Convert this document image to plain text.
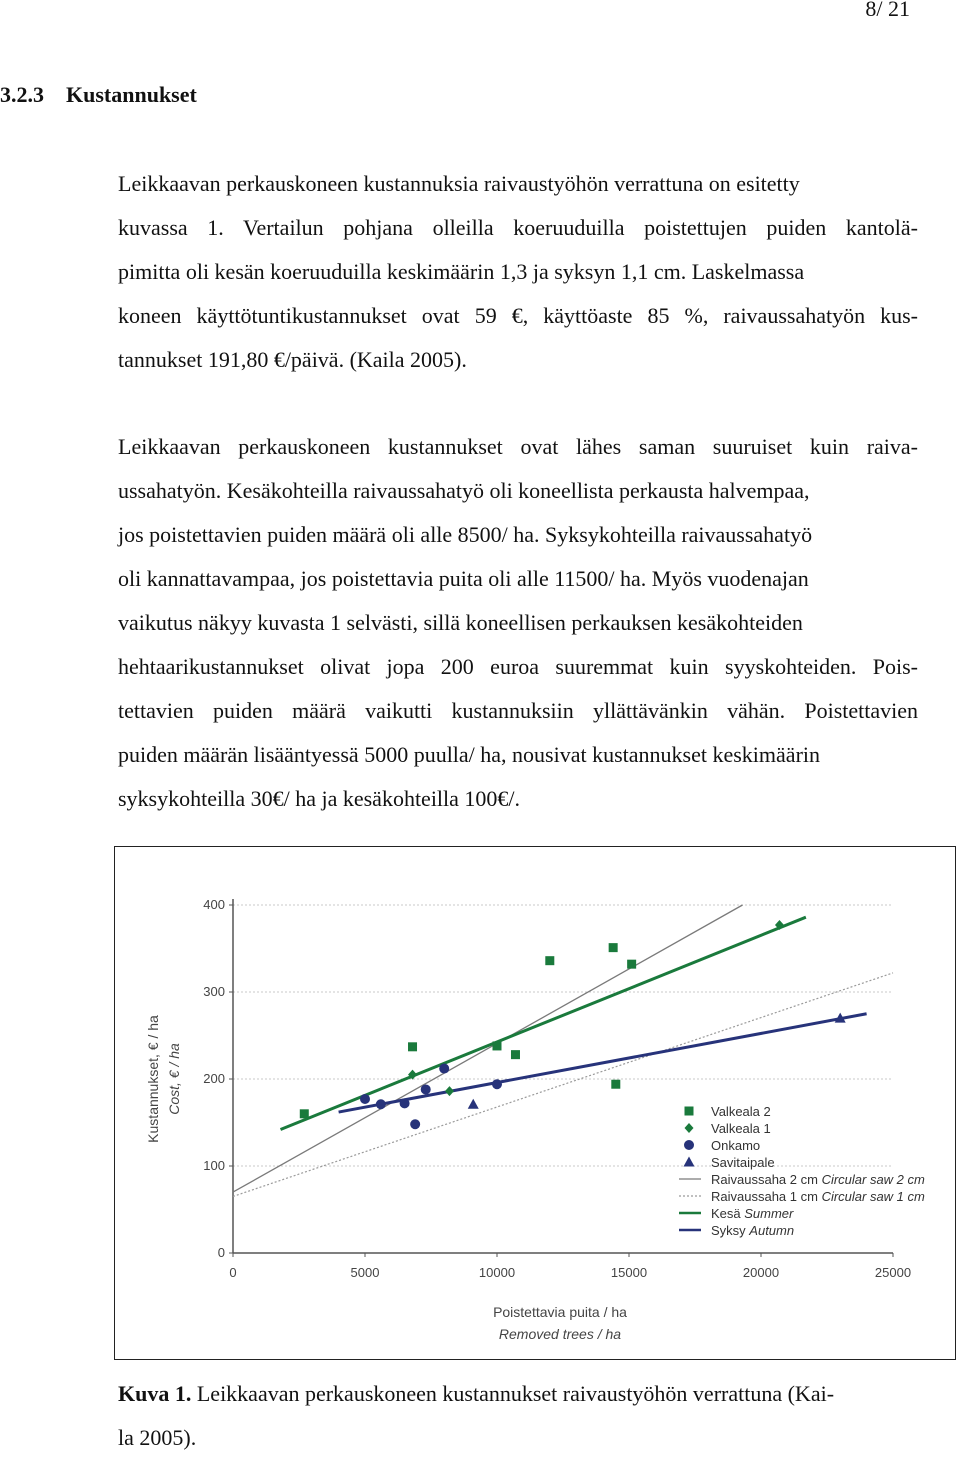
8/ 21
3.2.3 Kustannukset

Leikkaavan perkauskoneen kustannuksia raivaustyöhön verrattuna on esitetty
kuvassa 1. Vertailun pohjana olleilla koeruuduilla poistettujen puiden kantolä-
pimitta oli kesän koeruuduilla keskimäärin 1,3 ja syksyn 1,1 cm. Laskelmassa
koneen käyttötuntikustannukset ovat 59 €, käyttöaste 85 %, raivaussahatyön kus-
tannukset 191,80 €/päivä. (Kaila 2005).

Leikkaavan perkauskoneen kustannukset ovat lähes saman suuruiset kuin raiva-
ussahatyön. Kesäkohteilla raivaussahatyö oli koneellista perkausta halvempaa,
jos poistettavien puiden määrä oli alle 8500/ ha. Syksykohteilla raivaussahatyö
oli kannattavampaa, jos poistettavia puita oli alle 11500/ ha. Myös vuodenajan
vaikutus näkyy kuvasta 1 selvästi, sillä koneellisen perkauksen kesäkohteiden
hehtaarikustannukset olivat jopa 200 euroa suuremmat kuin syyskohteiden. Pois-
tettavien puiden määrä vaikutti kustannuksiin yllättävänkin vähän. Poistettavien
puiden määrän lisääntyessä 5000 puulla/ ha, nousivat kustannukset keskimäärin
syksykohteilla 30€/ ha ja kesäkohteilla 100€/.

0	5000	10000	15000	20000	25000
0
100
200
300
400
Poistettavia puita / ha
Removed trees / ha
Kustannukset, € / ha Cost, € / ha	Valkeala 2
Valkeala 1
Onkamo
Savitaipale
Raivaussaha 2 cm Circular saw 2 cm
Raivaussaha 1 cm Circular saw 1 cm
Kesä Summer
Syksy Autumn
Kuva 1. Leikkaavan perkauskoneen kustannukset raivaustyöhön verrattuna (Kai-
la 2005).
